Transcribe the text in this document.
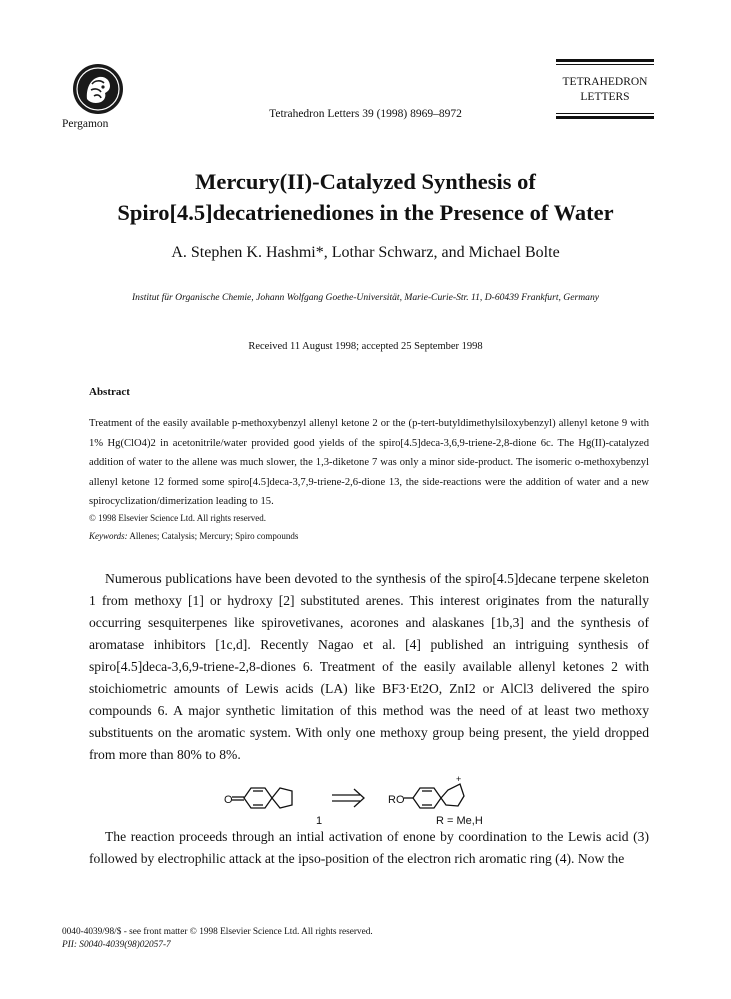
Pergamon
Tetrahedron Letters 39 (1998) 8969–8972
TETRAHEDRON
LETTERS
Mercury(II)-Catalyzed Synthesis of
Spiro[4.5]decatrienediones in the Presence of Water
A. Stephen K. Hashmi*, Lothar Schwarz, and Michael Bolte
Institut für Organische Chemie, Johann Wolfgang Goethe-Universität, Marie-Curie-Str. 11, D-60439 Frankfurt, Germany
Received 11 August 1998; accepted 25 September 1998
Abstract
Treatment of the easily available p-methoxybenzyl allenyl ketone 2 or the (p-tert-butyldimethylsiloxybenzyl) allenyl ketone 9 with 1% Hg(ClO4)2 in acetonitrile/water provided good yields of the spiro[4.5]deca-3,6,9-triene-2,8-dione 6c. The Hg(II)-catalyzed addition of water to the allene was much slower, the 1,3-diketone 7 was only a minor side-product. The isomeric o-methoxybenzyl allenyl ketone 12 formed some spiro[4.5]deca-3,7,9-triene-2,6-dione 13, the side-reactions were the addition of water and a new spirocyclization/dimerization leading to 15.
© 1998 Elsevier Science Ltd. All rights reserved.
Keywords: Allenes; Catalysis; Mercury; Spiro compounds
Numerous publications have been devoted to the synthesis of the spiro[4.5]decane terpene skeleton 1 from methoxy [1] or hydroxy [2] substituted arenes. This interest originates from the naturally occurring sesquiterpenes like spirovetivanes, acorones and alaskanes [1b,3] and the synthesis of aromatase inhibitors [1c,d]. Recently Nagao et al. [4] published an intriguing synthesis of spiro[4.5]deca-3,6,9-triene-2,8-diones 6. Treatment of the easily available allenyl ketones 2 with stoichiometric amounts of Lewis acids (LA) like BF3·Et2O, ZnI2 or AlCl3 delivered the spiro compounds 6. A major synthetic limitation of this method was the need of at least two methoxy substituents on the aromatic system. With only one methoxy group being present, the yield dropped from more than 80% to 8%.
O	RO
+
1	R = Me,H
The reaction proceeds through an intial activation of enone by coordination to the Lewis acid (3) followed by electrophilic attack at the ipso-position of the electron rich aromatic ring (4). Now the
0040-4039/98/$ - see front matter © 1998 Elsevier Science Ltd. All rights reserved.
PII: S0040-4039(98)02057-7
